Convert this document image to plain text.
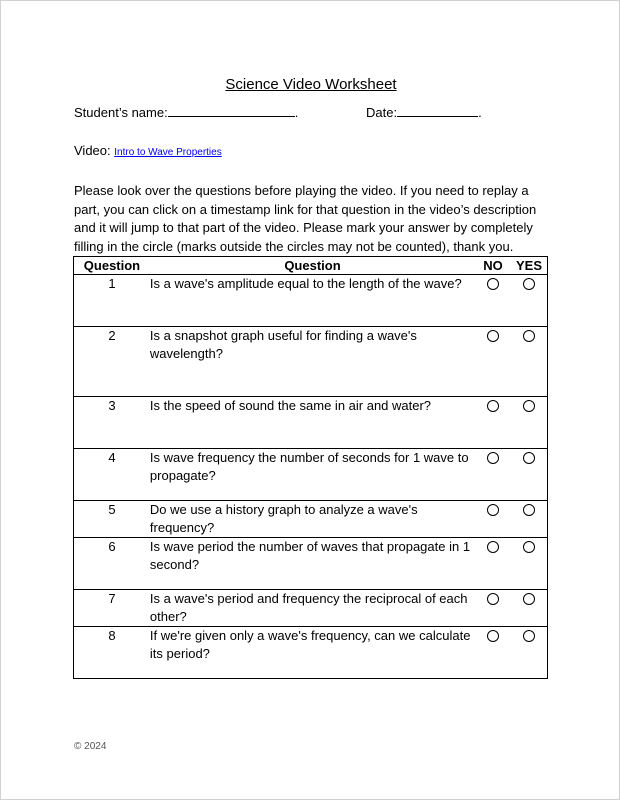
Science Video Worksheet
Student’s name:	.	Date:	.
Video: Intro to Wave Properties
Please look over the questions before playing the video. If you need to replay a part, you can click on a timestamp link for that question in the video’s description and it will jump to that part of the video. Please mark your answer by completely filling in the circle (marks outside the circles may not be counted), thank you.
Question	Question	NO	YES
1	Is a wave's amplitude equal to the length of the wave?		
2	Is a snapshot graph useful for finding a wave's wavelength?		
3	Is the speed of sound the same in air and water?		
4	Is wave frequency the number of seconds for 1 wave to propagate?		
5	Do we use a history graph to analyze a wave's frequency?		
6	Is wave period the number of waves that propagate in 1 second?		
7	Is a wave's period and frequency the reciprocal of each other?		
8	If we're given only a wave's frequency, can we calculate its period?		
© 2024
